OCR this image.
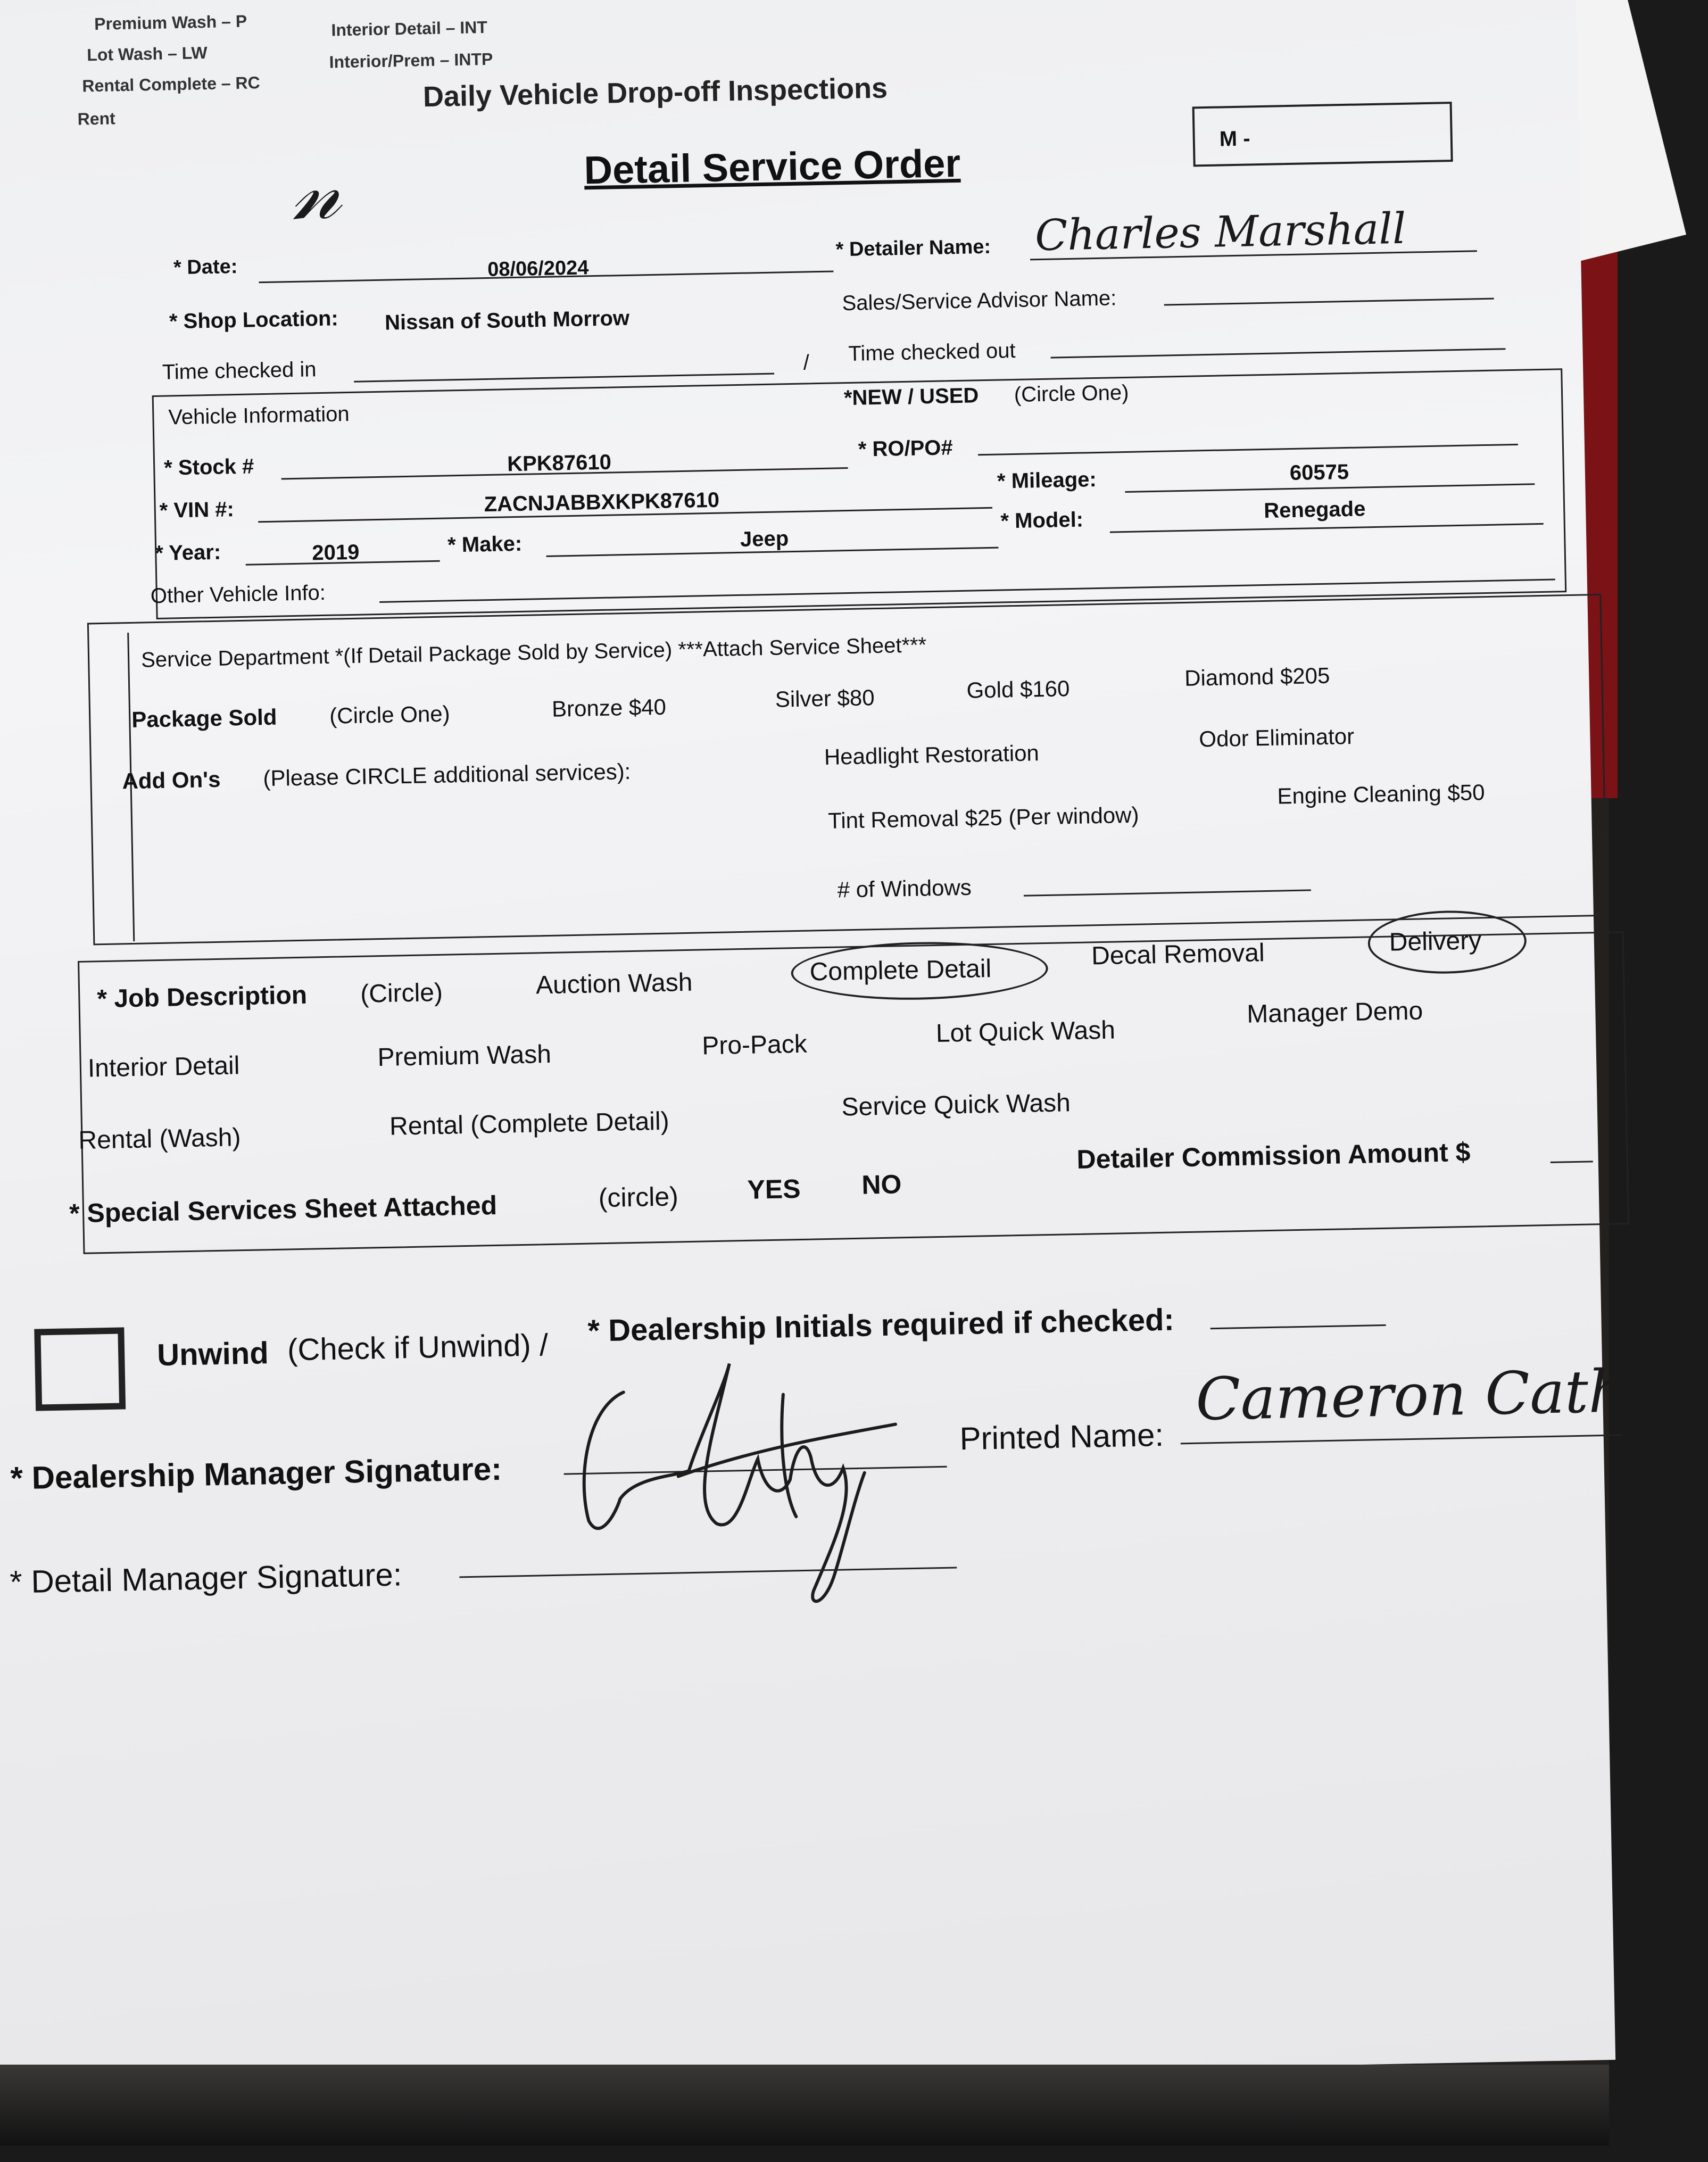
Premium Wash – P
Lot Wash – LW
Rental Complete – RC
Rent
Interior Detail – INT
Interior/Prem – INTP
Daily Vehicle Drop-off Inspections
𝓃	Detail Service Order
M -
* Date:	08/06/2024
* Detailer Name: Charles Marshall
* Shop Location: Nissan of South Morrow
Sales/Service Advisor Name:
Time checked in	/ Time checked out
Vehicle Information
*NEW / USED (Circle One)
* Stock #	KPK87610
* RO/PO#
* VIN #:	ZACNJABBXKPK87610
* Mileage:	60575
* Year:	2019	* Make:	Jeep
* Model:	Renegade
Other Vehicle Info:
Service Department *(If Detail Package Sold by Service) ***Attach Service Sheet***
Package Sold (Circle One)	Bronze $40	Silver $80	Gold $160	Diamond $205
Add On's (Please CIRCLE additional services):
Headlight Restoration
Odor Eliminator
Tint Removal $25 (Per window)
Engine Cleaning $50
# of Windows
* Job Description (Circle)	Auction Wash	Complete Detail
Decal Removal	Delivery
Interior Detail	Premium Wash	Pro-Pack	Lot Quick Wash
Manager Demo
Rental (Wash)	Rental (Complete Detail)
Service Quick Wash
* Special Services Sheet Attached	(circle)	YES NO
Detailer Commission Amount $
Unwind (Check if Unwind) / * Dealership Initials required if checked:
* Dealership Manager Signature:
Printed Name:
Cameron Cathey
* Detail Manager Signature:
